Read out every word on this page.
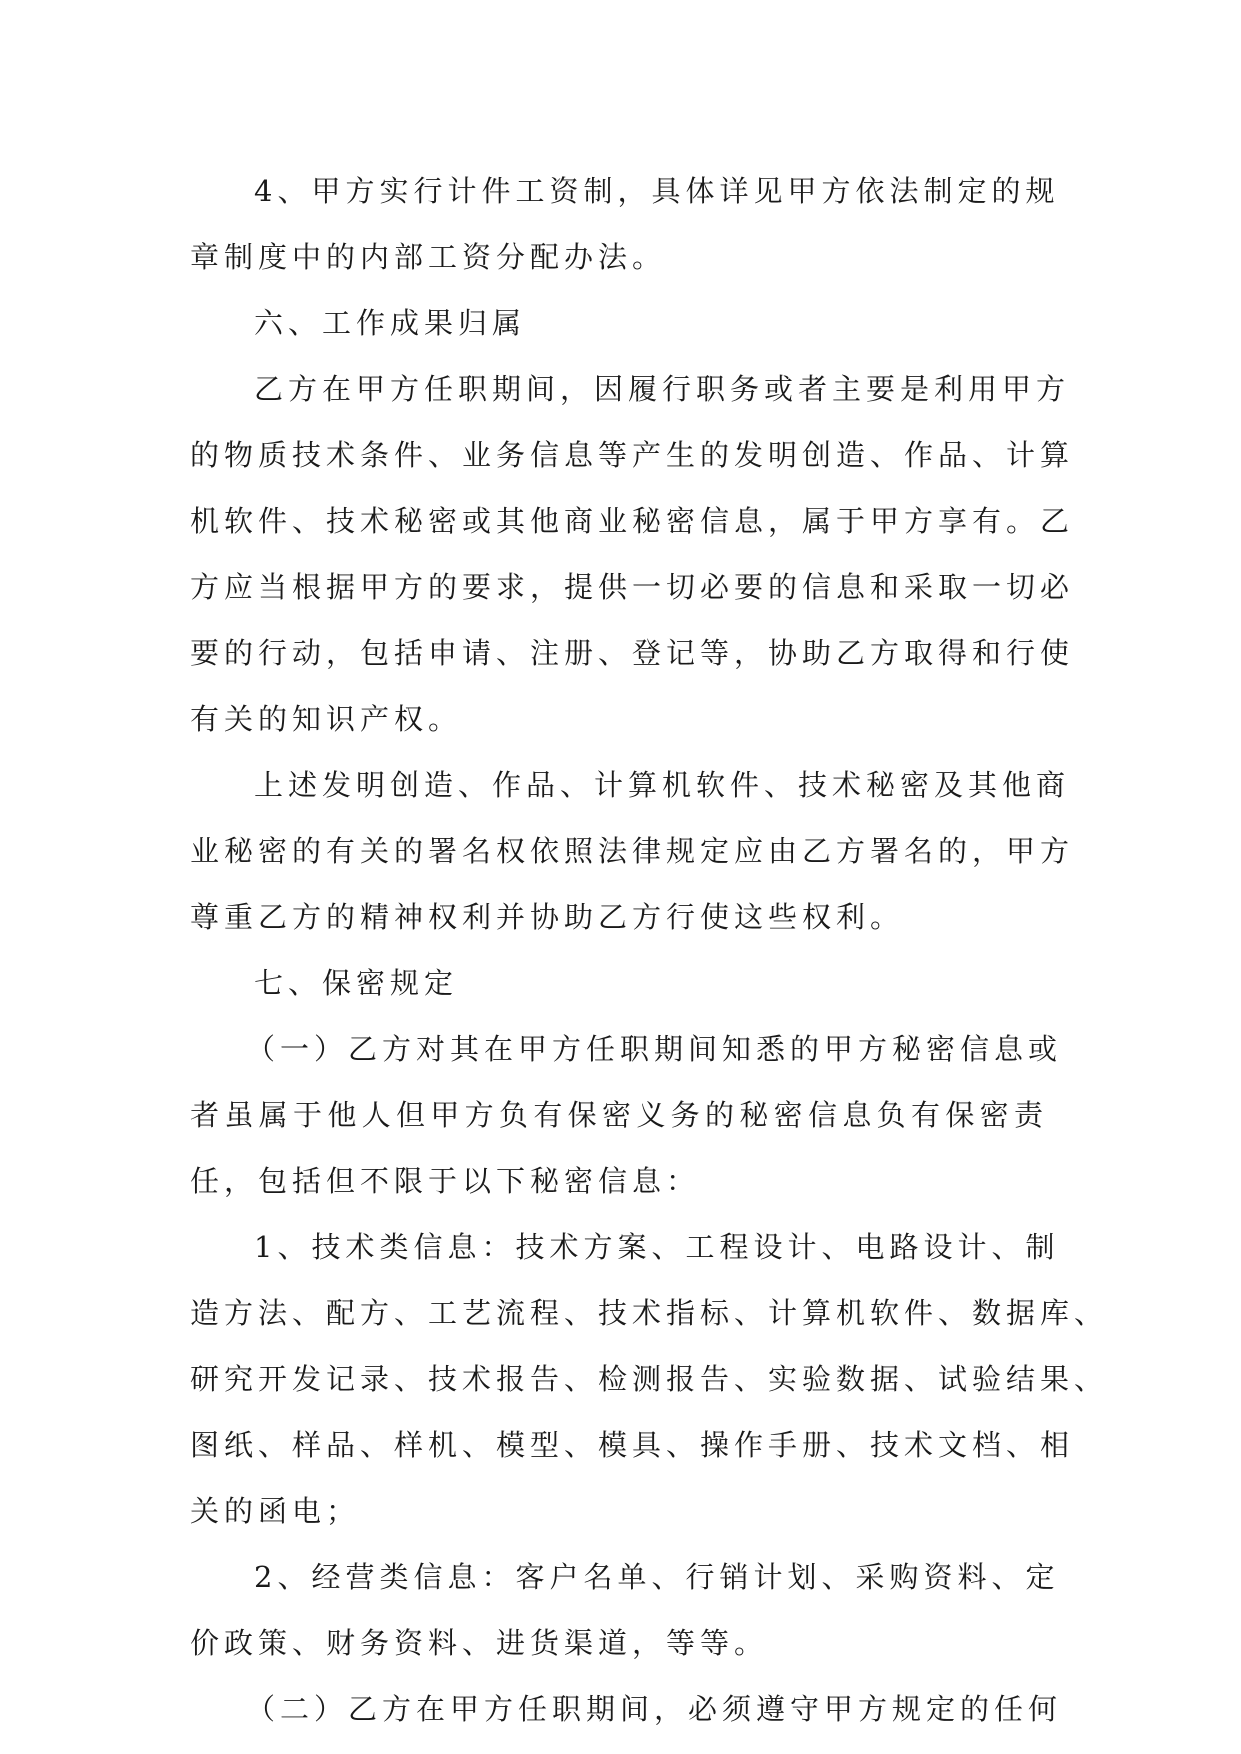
4、甲方实行计件工资制，具体详见甲方依法制定的规
章制度中的内部工资分配办法。

六、工作成果归属

乙方在甲方任职期间，因履行职务或者主要是利用甲方
的物质技术条件、业务信息等产生的发明创造、作品、计算
机软件、技术秘密或其他商业秘密信息，属于甲方享有。乙
方应当根据甲方的要求，提供一切必要的信息和采取一切必
要的行动，包括申请、注册、登记等，协助乙方取得和行使
有关的知识产权。

上述发明创造、作品、计算机软件、技术秘密及其他商
业秘密的有关的署名权依照法律规定应由乙方署名的，甲方
尊重乙方的精神权利并协助乙方行使这些权利。

七、保密规定

（一）乙方对其在甲方任职期间知悉的甲方秘密信息或
者虽属于他人但甲方负有保密义务的秘密信息负有保密责
任，包括但不限于以下秘密信息：

1、技术类信息：技术方案、工程设计、电路设计、制
造方法、配方、工艺流程、技术指标、计算机软件、数据库、
研究开发记录、技术报告、检测报告、实验数据、试验结果、
图纸、样品、样机、模型、模具、操作手册、技术文档、相
关的函电；

2、经营类信息：客户名单、行销计划、采购资料、定
价政策、财务资料、进货渠道，等等。

（二）乙方在甲方任职期间，必须遵守甲方规定的任何
